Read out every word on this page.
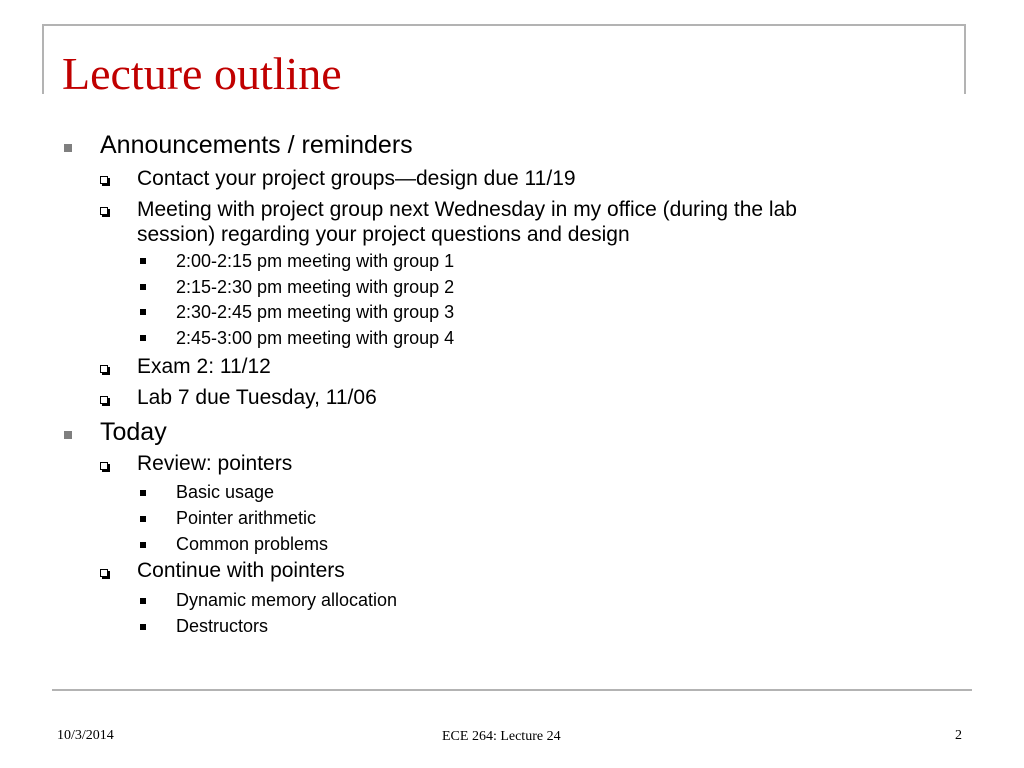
Lecture outline
Announcements / reminders
Contact your project groups—design due 11/19
Meeting with project group next Wednesday in my office (during the lab
session) regarding your project questions and design
2:00-2:15 pm meeting with group 1
2:15-2:30 pm meeting with group 2
2:30-2:45 pm meeting with group 3
2:45-3:00 pm meeting with group 4
Exam 2: 11/12
Lab 7 due Tuesday, 11/06
Today
Review: pointers
Basic usage
Pointer arithmetic
Common problems
Continue with pointers
Dynamic memory allocation
Destructors
10/3/2014	ECE 264: Lecture 24	2
